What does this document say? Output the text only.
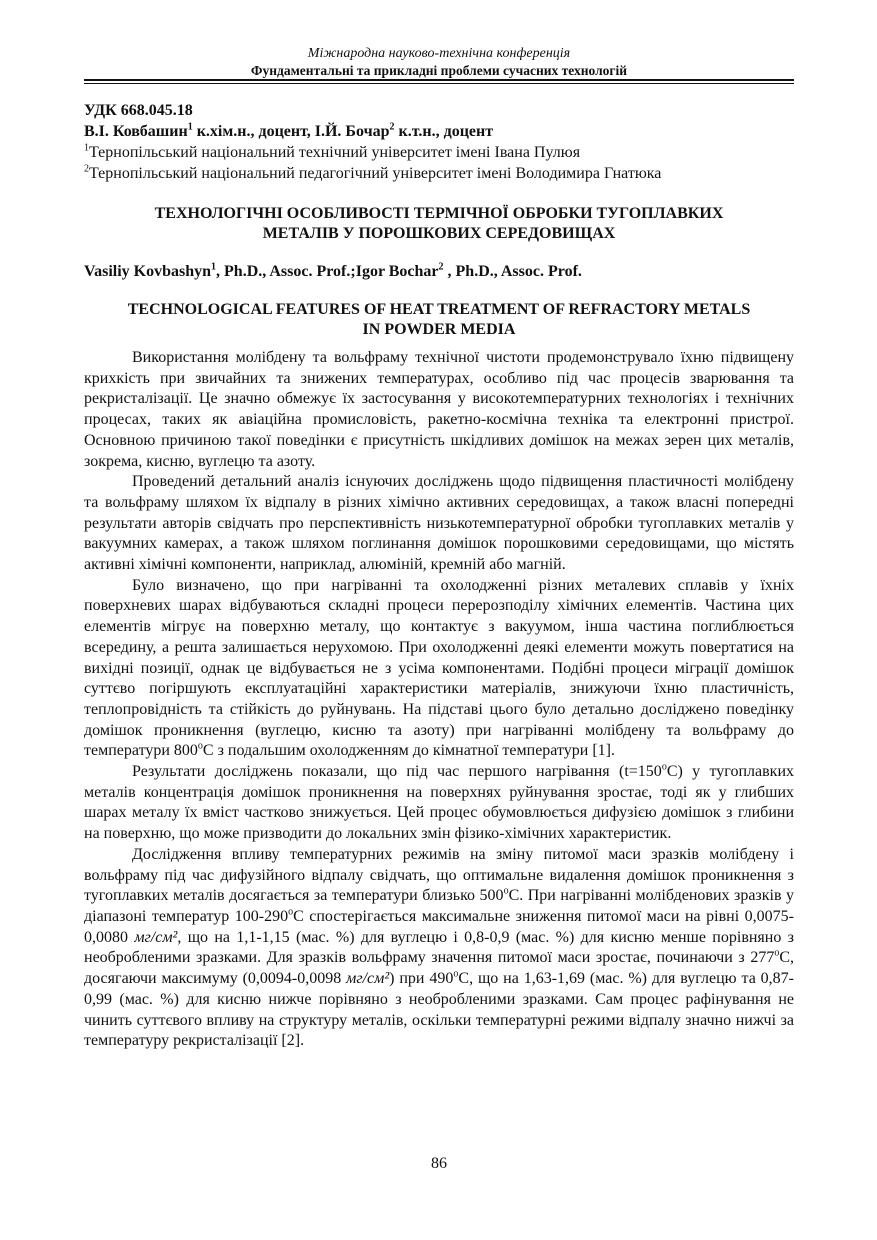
Міжнародна науково-технічна конференція
Фундаментальні та прикладні проблеми сучасних технологій
УДК 668.045.18
В.І. Ковбашин$^1$ к.хім.н., доцент, І.Й. Бочар$^2$ к.т.н., доцент
$^1$Тернопільський національний технічний університет імені Івана Пулюя
$^2$Тернопільський національний педагогічний університет імені Володимира Гнатюка
ТЕХНОЛОГІЧНІ ОСОБЛИВОСТІ ТЕРМІЧНОЇ ОБРОБКИ ТУГОПЛАВКИХ
МЕТАЛІВ У ПОРОШКОВИХ СЕРЕДОВИЩАХ
Vasiliy Kovbashyn$^1$, Ph.D., Assoc. Prof.;Igor Bochar$^2$ , Ph.D., Assoc. Prof.
TECHNOLOGICAL FEATURES OF HEAT TREATMENT OF REFRACTORY METALS
IN POWDER MEDIA

Використання молібдену та вольфраму технічної чистоти продемонструвало їхню підвищену крихкість при звичайних та знижених температурах, особливо під час процесів зварювання та рекристалізації. Це значно обмежує їх застосування у високотемпературних технологіях і технічних процесах, таких як авіаційна промисловість, ракетно-космічна техніка та електронні пристрої. Основною причиною такої поведінки є присутність шкідливих домішок на межах зерен цих металів, зокрема, кисню, вуглецю та азоту.

Проведений детальний аналіз існуючих досліджень щодо підвищення пластичності молібдену та вольфраму шляхом їх відпалу в різних хімічно активних середовищах, а також власні попередні результати авторів свідчать про перспективність низькотемпературної обробки тугоплавких металів у вакуумних камерах, а також шляхом поглинання домішок порошковими середовищами, що містять активні хімічні компоненти, наприклад, алюміній, кремній або магній.

Було визначено, що при нагріванні та охолодженні різних металевих сплавів у їхніх поверхневих шарах відбуваються складні процеси перерозподілу хімічних елементів. Частина цих елементів мігрує на поверхню металу, що контактує з вакуумом, інша частина поглиблюється всередину, а решта залишається нерухомою. При охолодженні деякі елементи можуть повертатися на вихідні позиції, однак це відбувається не з усіма компонентами. Подібні процеси міграції домішок суттєво погіршують експлуатаційні характеристики матеріалів, знижуючи їхню пластичність, теплопровідність та стійкість до руйнувань. На підставі цього було детально досліджено поведінку домішок проникнення (вуглецю, кисню та азоту) при нагріванні молібдену та вольфраму до температури $800^оС$ з подальшим охолодженням до кімнатної температури [1].

Результати досліджень показали, що під час першого нагрівання $(t=150^оС)$ у тугоплавких металів концентрація домішок проникнення на поверхнях руйнування зростає, тоді як у глибших шарах металу їх вміст частково знижується. Цей процес обумовлюється дифузією домішок з глибини на поверхню, що може призводити до локальних змін фізико-хімічних характеристик.

Дослідження впливу температурних режимів на зміну питомої маси зразків молібдену і вольфраму під час дифузійного відпалу свідчать, що оптимальне видалення домішок проникнення з тугоплавких металів досягається за температури близько $500^оС$. При нагріванні молібденових зразків у діапазоні температур $100-290^оС$ спостерігається максимальне зниження питомої маси на рівні 0,0075-0,0080 мг/см², що на 1,1-1,15 (мас. %) для вуглецю і 0,8-0,9 (мас. %) для кисню менше порівняно з необробленими зразками. Для зразків вольфраму значення питомої маси зростає, починаючи з $277^оС$, досягаючи максимуму (0,0094-0,0098 мг/см²) при $490^оС$, що на 1,63-1,69 (мас. %) для вуглецю та 0,87-0,99 (мас. %) для кисню нижче порівняно з необробленими зразками. Сам процес рафінування не чинить суттєвого впливу на структуру металів, оскільки температурні режими відпалу значно нижчі за температуру рекристалізації [2].

86
